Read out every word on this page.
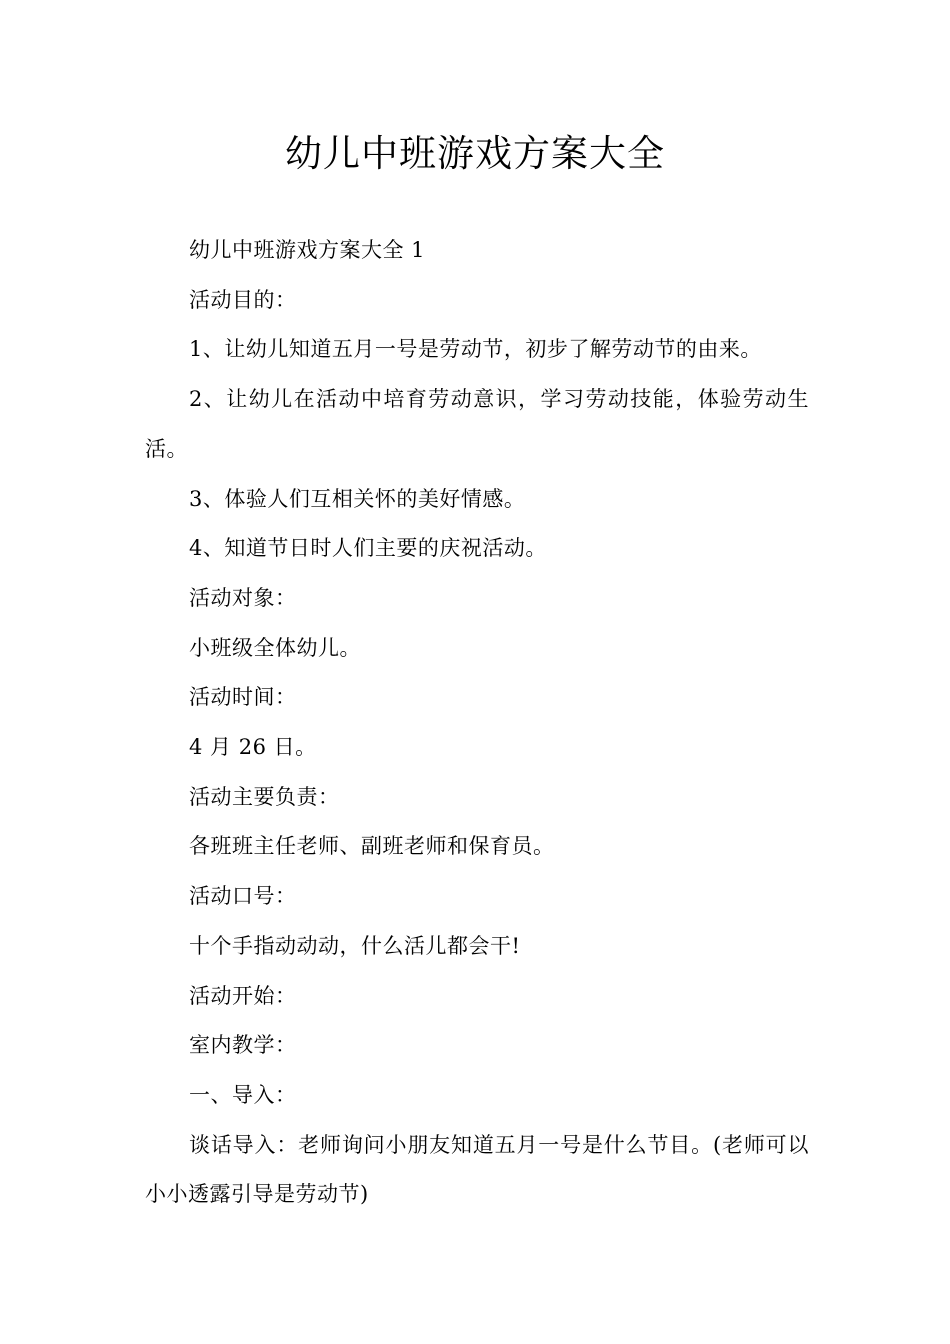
幼儿中班游戏方案大全

幼儿中班游戏方案大全 1

活动目的：

1、让幼儿知道五月一号是劳动节，初步了解劳动节的由来。

2、让幼儿在活动中培育劳动意识，学习劳动技能，体验劳动生活。

3、体验人们互相关怀的美好情感。

4、知道节日时人们主要的庆祝活动。

活动对象：

小班级全体幼儿。

活动时间：

4 月 26 日。

活动主要负责：

各班班主任老师、副班老师和保育员。

活动口号：

十个手指动动动，什么活儿都会干!

活动开始：

室内教学：

一、导入：

谈话导入：老师询问小朋友知道五月一号是什么节目。(老师可以小小透露引导是劳动节)
